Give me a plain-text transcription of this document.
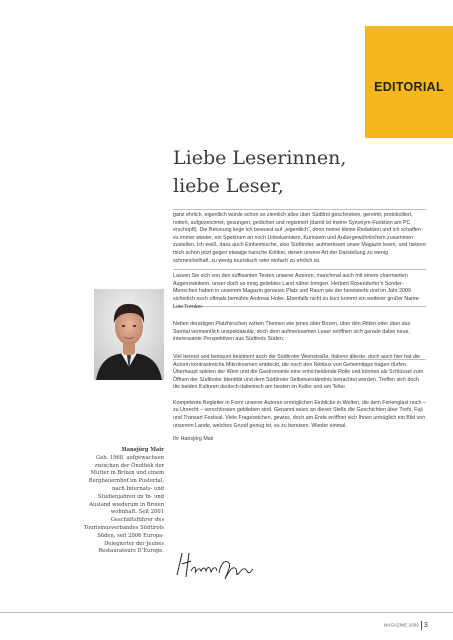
EDITORIAL
Liebe Leserinnen,
liebe Leser,

ganz ehrlich, eigentlich würde schon so ziemlich alles über Südtirol geschrieben, gereimt, protokolliert, notiert, aufgezeichnet, gesungen, gedichtet und registriert (damit ist meine Synonym-Funktion am PC erschöpft). Die Betonung liege ich bewusst auf „eigentlich“, denn meine kleine Redaktion und ich schaffen es immer wieder, ein Spektrum an noch Unbekanntem, Kuriosem und Außergewöhnlichem zusammen zustellen. Ich weiß, dass auch Einheimische, also Südtiroler, aufmerksam unser Magazin lesen, und riskiere mich schon jetzt gegen etwaige harsche Kritiker, denen unsere Art der Darstellung zu wenig schmeichelhaft, zu wenig touristisch oder einfach zu ehrlich ist.

Lassen Sie sich von den süffisanten Texten unserer Autoren, manchmal auch mit einem charmanten Augenzwinkern, unser doch so innig geliebtes Land näher bringen. Herbert Rosendorfer’s Sonder-Menschen haben in unserem Magazin genauso Platz und Raum wie der heroisierte und im Jahr 2009 sicherlich noch oftmals bemühte Andreas Hofer. Ebenfalls nicht zu kurz kommt ein weiterer großer Name: Luis Trenker.

Neben derartigen Platzhirschen wirken Themen wie jenes über Bozen, über den Ritten oder über das Sarntal vermeintlich unspektakulär, doch dem aufmerksamen Leser eröffnen sich gerade dabei neue, interessante Perspektiven aus Südtirols Süden.

Viel bereist und bestaunt bestimmt auch die Südtiroler Weinstraße, Italiens älteste, doch auch hier hat die Autorin kontrastreiche Mikrokosmen entdeckt, die noch den Nimbus von Geheimtipps tragen dürfen. Überhaupt spielen der Wein und die Gastronomie eine entscheidende Rolle und können als Schlüssel zum Öffnen der Südtiroler Identität und dem Südtiroler Selbstverständnis betrachtet werden. Treffen sich doch die beiden Kulturen deutsch-italienisch am besten im Keller und am Teller.

Kompetente Begleiter in Form unserer Autoren ermöglichen Einblicke in Welten, die dem Ferienglast noch – zu Unrecht – verschlossen geblieben sind. Genannt seien an dieser Stelle die Geschichten über Trefs, Fuji und Transart Festival. Viele Fragezeichen, gewiss, doch am Ende eröffnet sich Ihnen untrüglich ein Bild von unserem Lande, welches Grund genug ist, es zu bereisen. Wieder einmal.

Ihr Hansjörg Mair

Hansjörg Mair
Geb. 1968, aufgewachsen zwischen der Önothek der Mutter in Brixen und einem Bergbauernhof im Pustertal, nach Internats- und Studienjahren im In- und Ausland wiederum in Brixen wohnhaft. Seit 2001 Geschäftsführer des Tourismusverbandes Südtirols Süden, seit 2006 Europa-Delegierter der Jeunes Restaurateurs D’Europe.
MAGAZINE 2009 3
